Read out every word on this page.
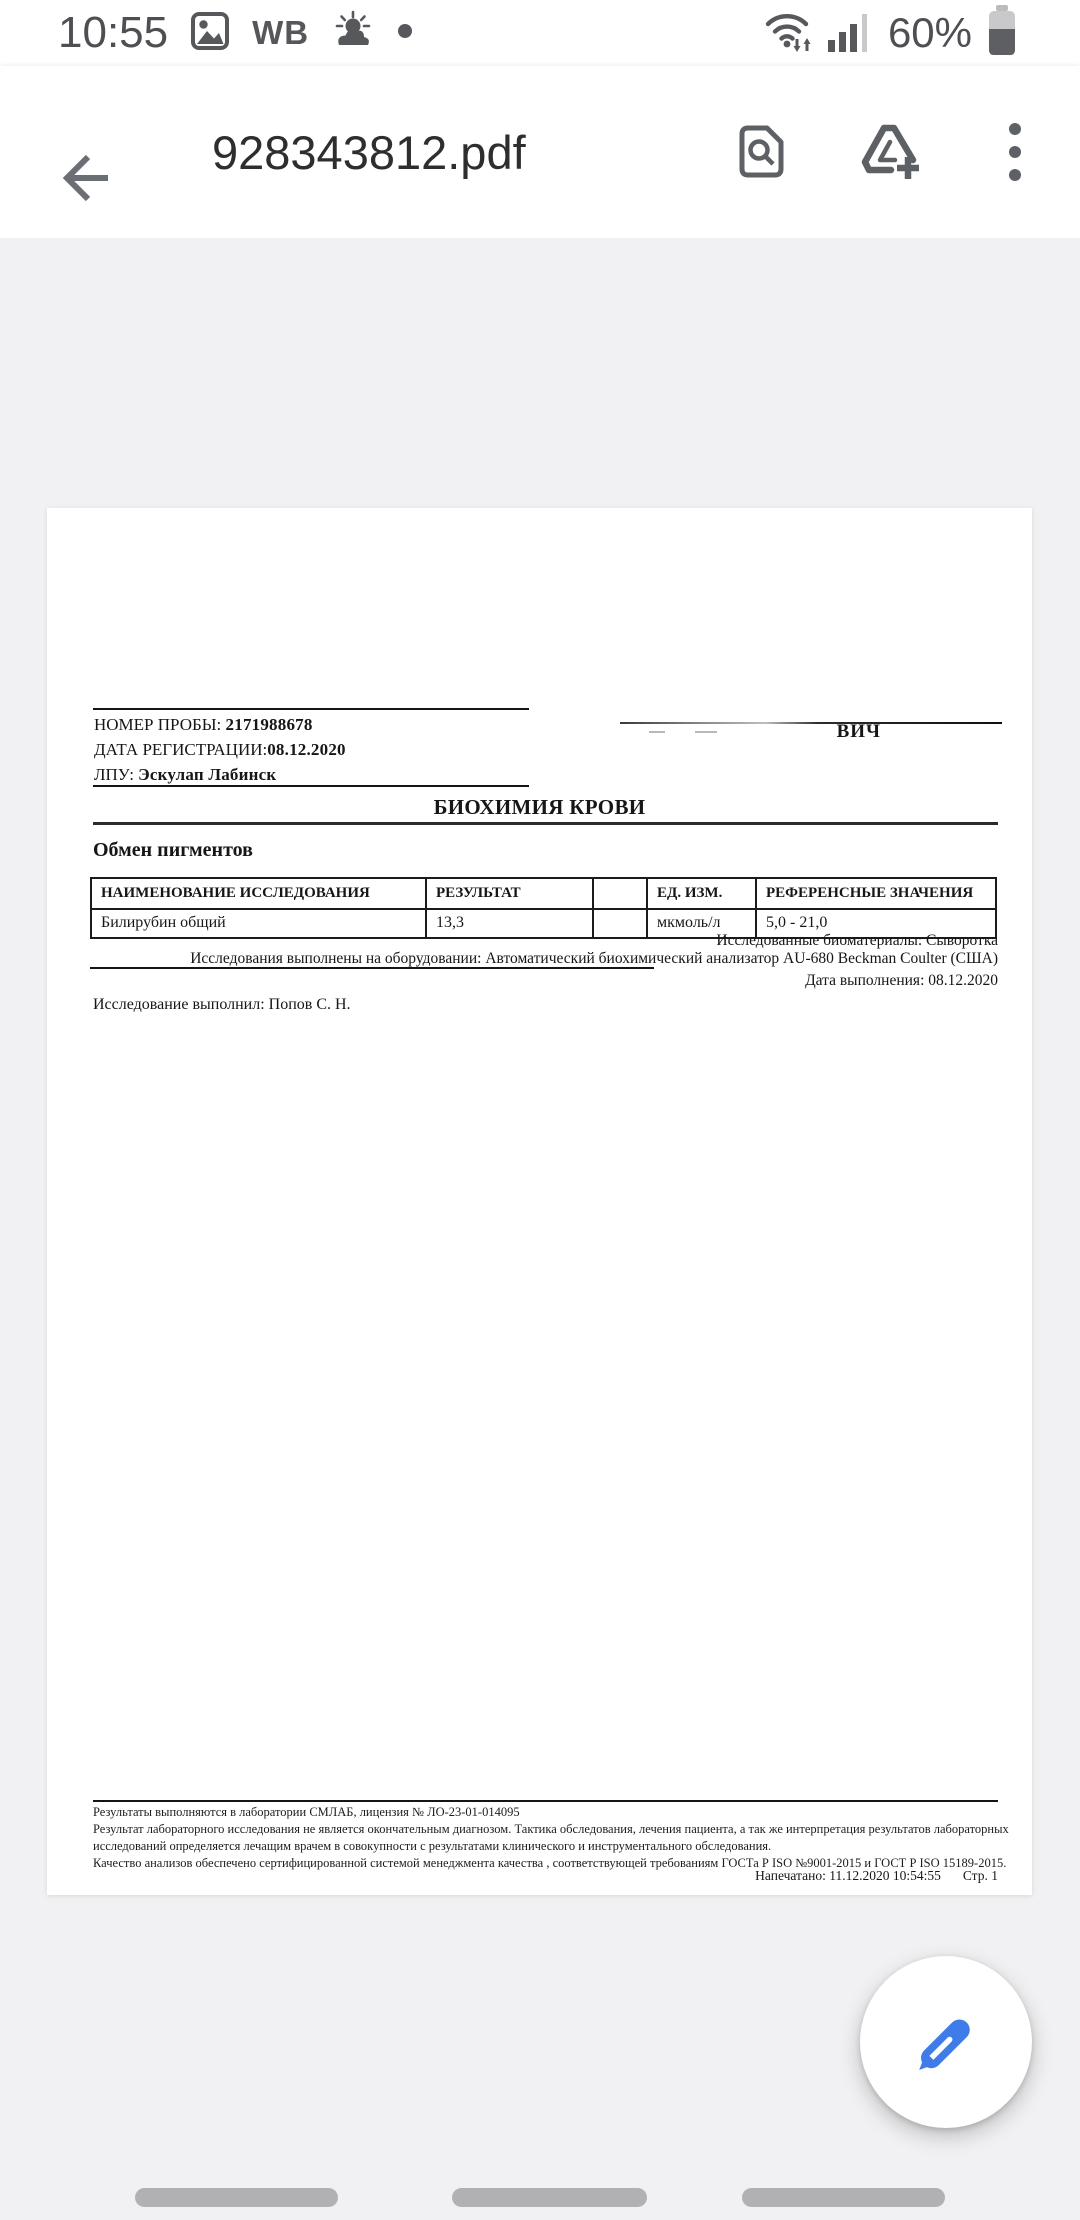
10:55	WB	60%
928343812.pdf
НОМЕР ПРОБЫ: 2171988678
ДАТА РЕГИСТРАЦИИ:08.12.2020
ЛПУ: Эскулап Лабинск
ВИЧ
БИОХИМИЯ КРОВИ
Обмен пигментов
НАИМЕНОВАНИЕ ИССЛЕДОВАНИЯ	РЕЗУЛЬТАТ		ЕД. ИЗМ.	РЕФЕРЕНСНЫЕ ЗНАЧЕНИЯ
Билирубин общий	13,3		мкмоль/л	5,0 - 21,0
Исследованные биоматериалы: Сыворотка
Исследования выполнены на оборудовании: Автоматический биохимический анализатор AU-680 Beckman Coulter (США)
Дата выполнения: 08.12.2020
Исследование выполнил: Попов С. Н.
Результаты выполняются в лаборатории СМЛАБ, лицензия № ЛО-23-01-014095
Результат лабораторного исследования не является окончательным диагнозом. Тактика обследования, лечения пациента, а так же интерпретация результатов лабораторных
исследований определяется лечащим врачем в совокупности с результатами клинического и инструментального обследования.
Качество анализов обеспечено сертифицированной системой менеджмента качества , соответствующей требованиям ГОСТа Р ISO №9001-2015 и ГОСТ Р ISO 15189-2015.
Напечатано: 11.12.2020 10:54:55 Стр. 1
